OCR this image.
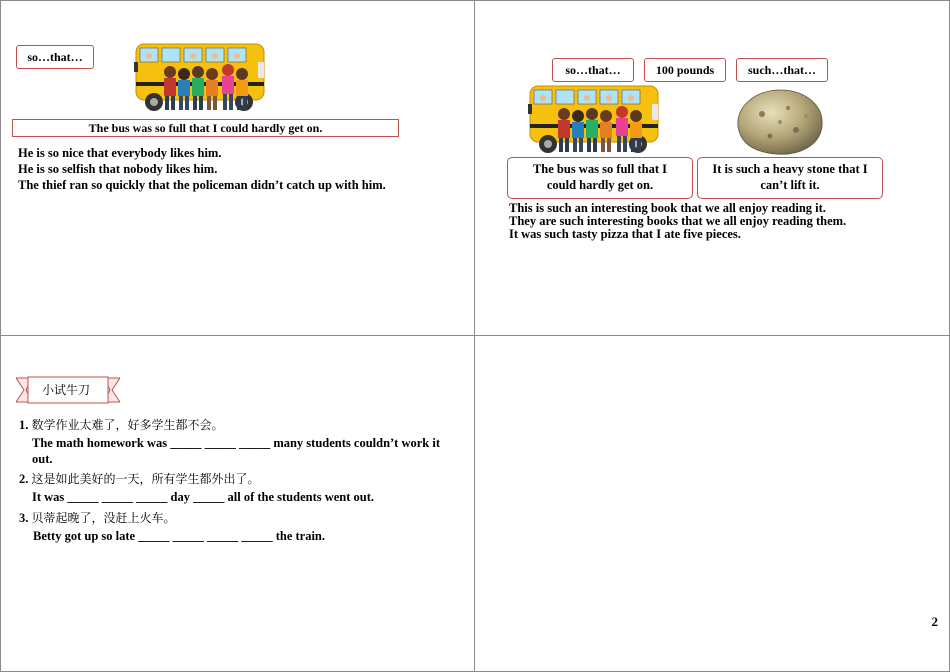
so…that…
The bus was so full that I could hardly get on.
He is so nice that everybody likes him.
He is so selfish that nobody likes him.
The thief ran so quickly that the policeman didn’t catch up with him.
so…that…	100 pounds	such…that…
The bus was so full that I
could hardly get on.
It is such a heavy stone that I
can’t lift it.
This is such an interesting book that we all enjoy reading it.
They are such interesting books that we all enjoy reading them.
It was such tasty pizza that I ate five pieces.
小试牛刀
1. 数学作业太难了，好多学生都不会。
The math homework was _____ _____ _____ many students couldn’t work it
out.
2. 这是如此美好的一天，所有学生都外出了。
It was _____ _____ _____ day _____ all of the students went out.
3. 贝蒂起晚了，没赶上火车。
Betty got up so late _____ _____ _____ _____ the train.
2
